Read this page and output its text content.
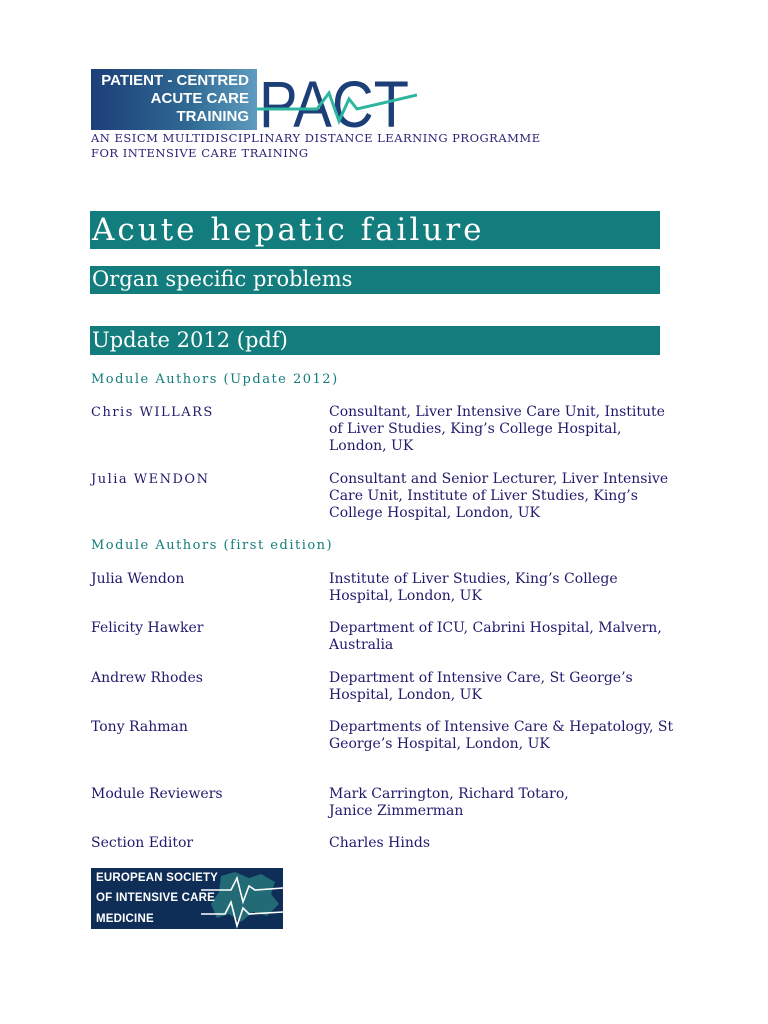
PATIENT - CENTRED
ACUTE CARE
TRAINING PACT
AN ESICM MULTIDISCIPLINARY DISTANCE LEARNING PROGRAMME
FOR INTENSIVE CARE TRAINING
Acute hepatic failure
Organ specific problems
Update 2012 (pdf)
Module Authors (Update 2012)
Chris WILLARS	Consultant, Liver Intensive Care Unit, Institute of Liver Studies, King’s College Hospital, London, UK
Julia WENDON	Consultant and Senior Lecturer, Liver Intensive Care Unit, Institute of Liver Studies, King’s College Hospital, London, UK
Module Authors (first edition)
Julia Wendon	Institute of Liver Studies, King’s College Hospital, London, UK
Felicity Hawker	Department of ICU, Cabrini Hospital, Malvern, Australia
Andrew Rhodes	Department of Intensive Care, St George’s Hospital, London, UK
Tony Rahman	Departments of Intensive Care & Hepatology, St George’s Hospital, London, UK
Module Reviewers	Mark Carrington, Richard Totaro, Janice Zimmerman
Section Editor	Charles Hinds
EUROPEAN SOCIETY
OF INTENSIVE CARE
MEDICINE
